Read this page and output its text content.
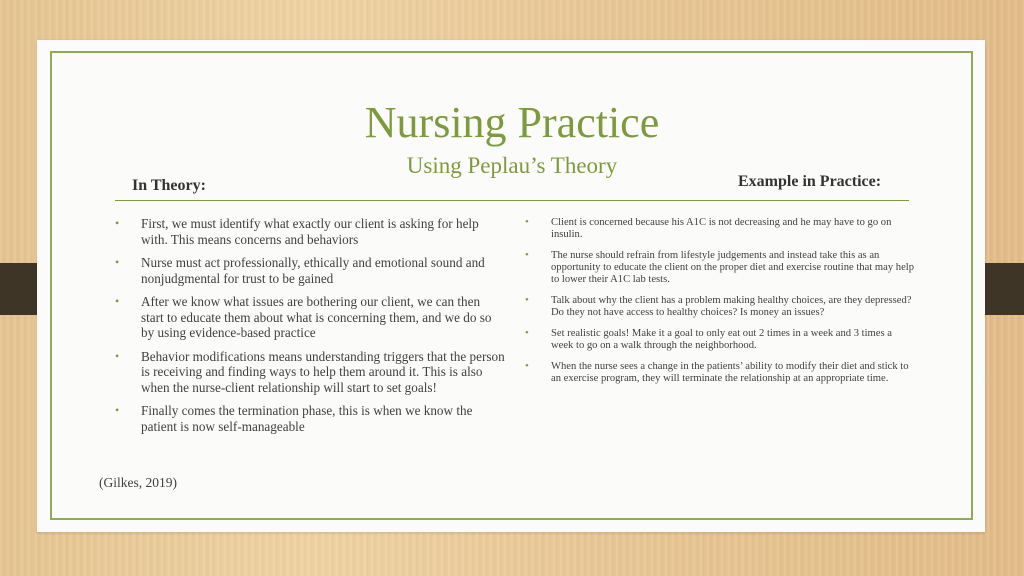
Nursing Practice
Using Peplau’s Theory
In Theory:	Example in Practice:
• First, we must identify what exactly our client is asking for help with. This means concerns and behaviors
• Nurse must act professionally, ethically and emotional sound and nonjudgmental for trust to be gained
• After we know what issues are bothering our client, we can then start to educate them about what is concerning them, and we do so by using evidence-based practice
• Behavior modifications means understanding triggers that the person is receiving and finding ways to help them around it. This is also when the nurse-client relationship will start to set goals!
• Finally comes the termination phase, this is when we know the patient is now self-manageable
• Client is concerned because his A1C is not decreasing and he may have to go on insulin.
• The nurse should refrain from lifestyle judgements and instead take this as an opportunity to educate the client on the proper diet and exercise routine that may help to lower their A1C lab tests.
• Talk about why the client has a problem making healthy choices, are they depressed? Do they not have access to healthy choices? Is money an issues?
• Set realistic goals! Make it a goal to only eat out 2 times in a week and 3 times a week to go on a walk through the neighborhood.
• When the nurse sees a change in the patients’ ability to modify their diet and stick to an exercise program, they will terminate the relationship at an appropriate time.
(Gilkes, 2019)
